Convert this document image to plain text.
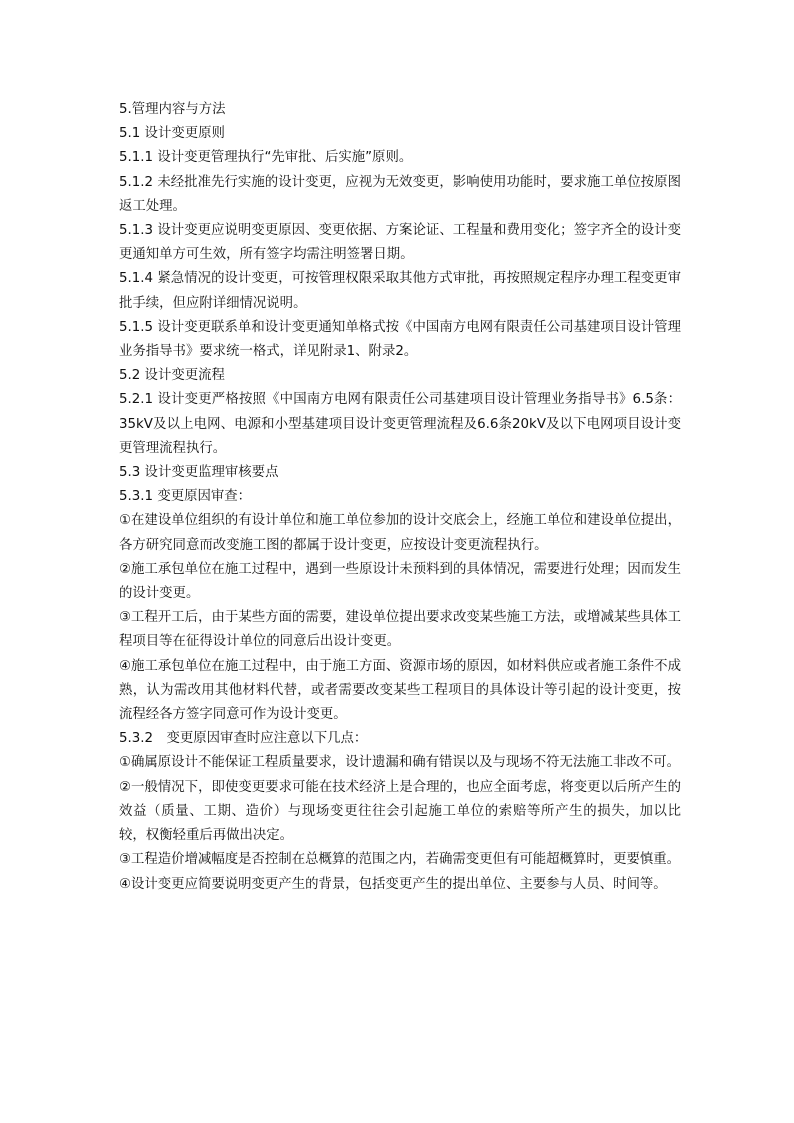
5.管理内容与方法

5.1 设计变更原则

5.1.1 设计变更管理执行“先审批、后实施”原则。

5.1.2 未经批准先行实施的设计变更，应视为无效变更，影响使用功能时，要求施工单位按原图返工处理。

5.1.3 设计变更应说明变更原因、变更依据、方案论证、工程量和费用变化；签字齐全的设计变更通知单方可生效，所有签字均需注明签署日期。

5.1.4 紧急情况的设计变更，可按管理权限采取其他方式审批，再按照规定程序办理工程变更审批手续，但应附详细情况说明。

5.1.5 设计变更联系单和设计变更通知单格式按《中国南方电网有限责任公司基建项目设计管理业务指导书》要求统一格式，详见附录1、附录2。

5.2 设计变更流程

5.2.1 设计变更严格按照《中国南方电网有限责任公司基建项目设计管理业务指导书》6.5条：35kV及以上电网、电源和小型基建项目设计变更管理流程及6.6条20kV及以下电网项目设计变更管理流程执行。

5.3 设计变更监理审核要点

5.3.1 变更原因审查：

①在建设单位组织的有设计单位和施工单位参加的设计交底会上，经施工单位和建设单位提出，各方研究同意而改变施工图的都属于设计变更，应按设计变更流程执行。

②施工承包单位在施工过程中，遇到一些原设计未预料到的具体情况，需要进行处理；因而发生的设计变更。

③工程开工后，由于某些方面的需要，建设单位提出要求改变某些施工方法，或增减某些具体工程项目等在征得设计单位的同意后出设计变更。

④施工承包单位在施工过程中，由于施工方面、资源市场的原因，如材料供应或者施工条件不成熟，认为需改用其他材料代替，或者需要改变某些工程项目的具体设计等引起的设计变更，按流程经各方签字同意可作为设计变更。

5.3.2　变更原因审查时应注意以下几点：

①确属原设计不能保证工程质量要求，设计遗漏和确有错误以及与现场不符无法施工非改不可。

②一般情况下，即使变更要求可能在技术经济上是合理的，也应全面考虑，将变更以后所产生的效益（质量、工期、造价）与现场变更往往会引起施工单位的索赔等所产生的损失，加以比较，权衡轻重后再做出决定。

③工程造价增减幅度是否控制在总概算的范围之内，若确需变更但有可能超概算时，更要慎重。

④设计变更应简要说明变更产生的背景，包括变更产生的提出单位、主要参与人员、时间等。
